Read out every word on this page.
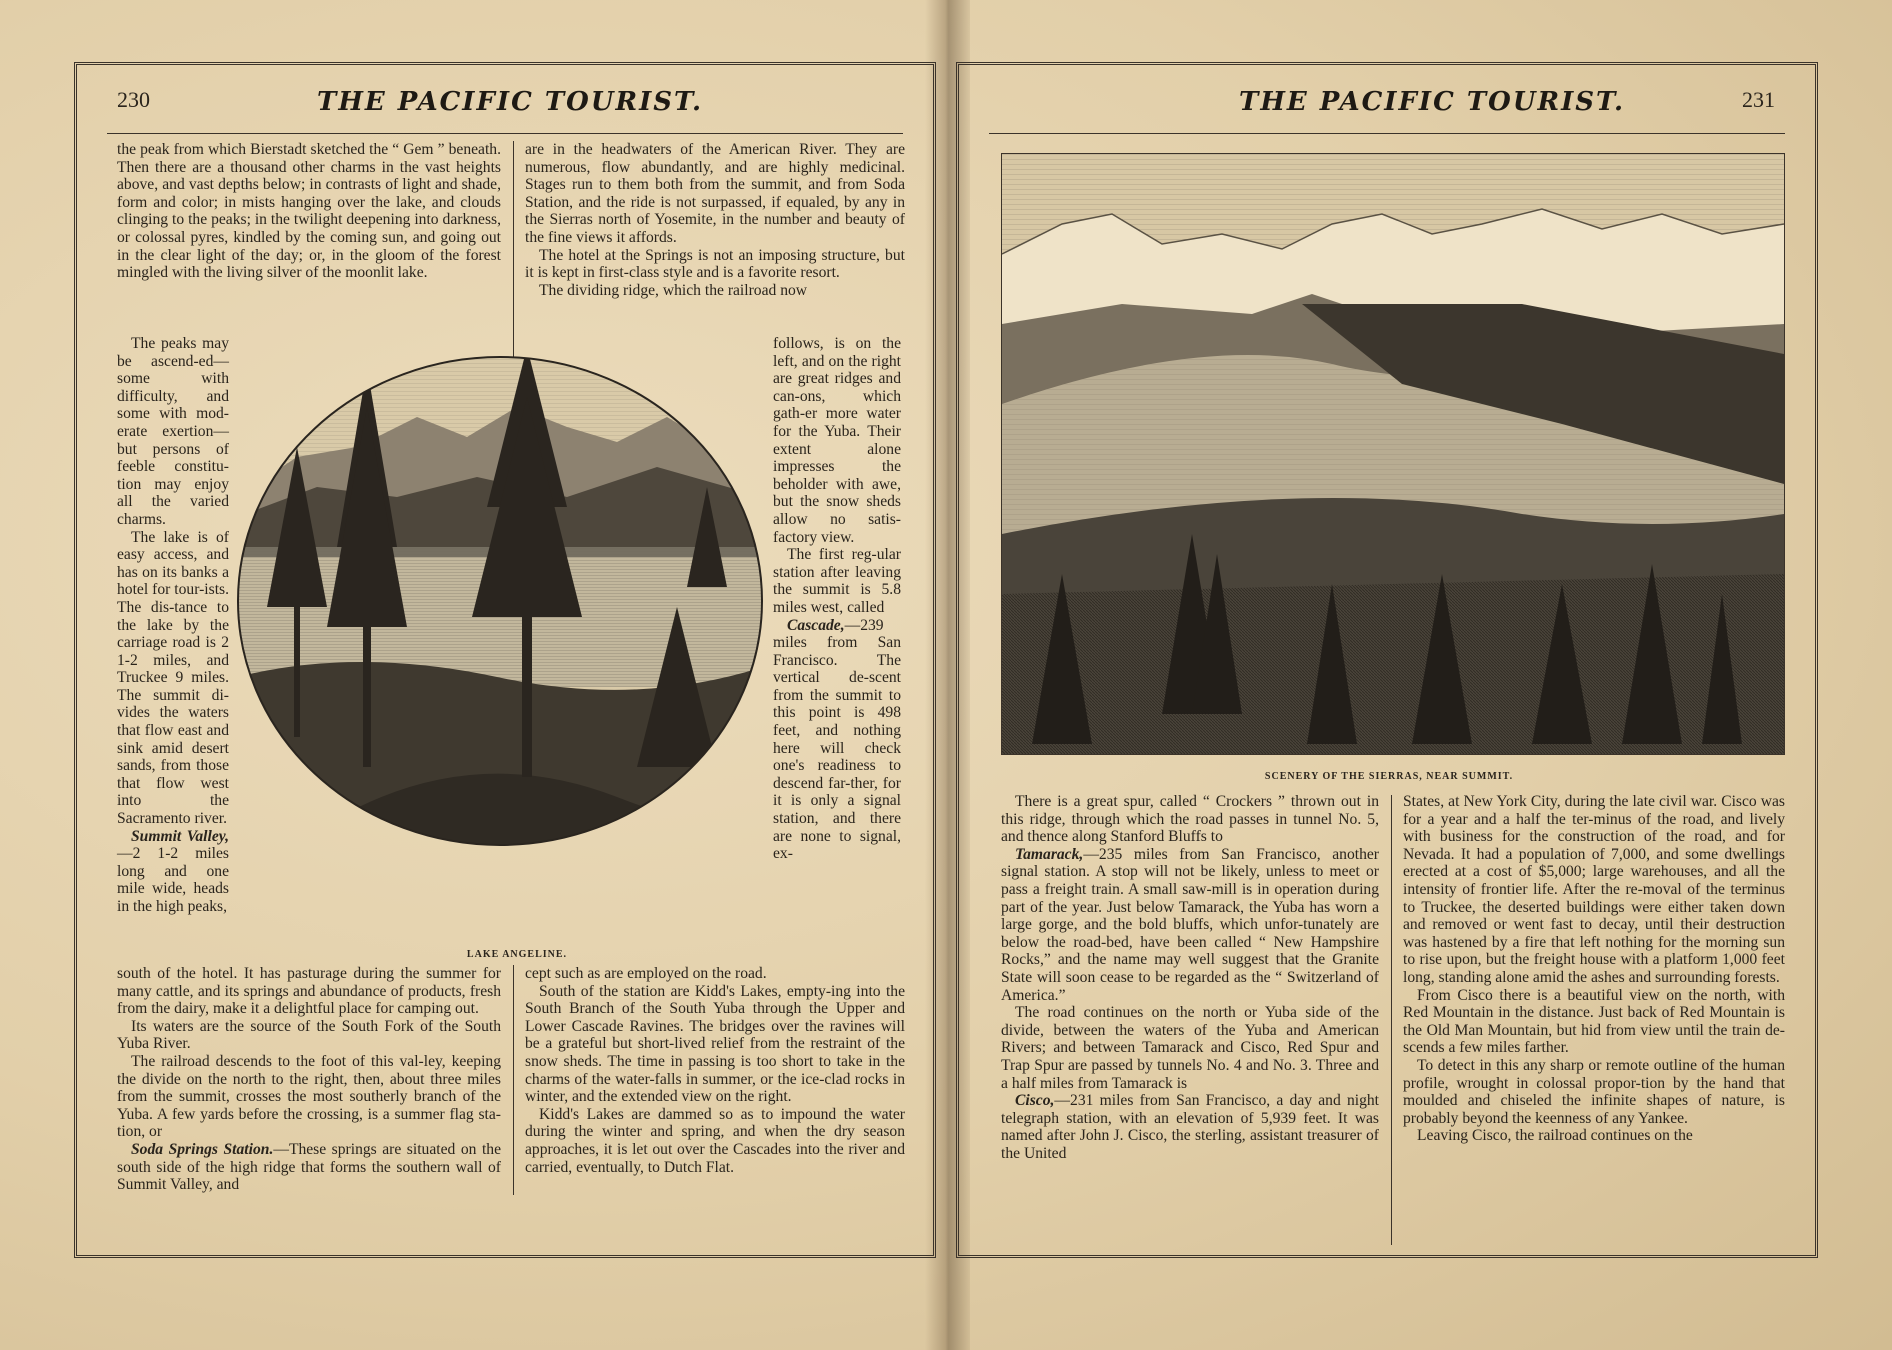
230	THE PACIFIC TOURIST.

the peak from which Bierstadt sketched the “ Gem ” beneath. Then there are a thousand other charms in the vast heights above, and vast depths below; in contrasts of light and shade, form and color; in mists hanging over the lake, and clouds clinging to the peaks; in the twilight deepening into darkness, or colossal pyres, kindled by the coming sun, and going out in the clear light of the day; or, in the gloom of the forest mingled with the living silver of the moonlit lake.

are in the headwaters of the American River. They are numerous, flow abundantly, and are highly medicinal. Stages run to them both from the summit, and from Soda Station, and the ride is not surpassed, if equaled, by any in the Sierras north of Yosemite, in the number and beauty of the fine views it affords.

The hotel at the Springs is not an imposing structure, but it is kept in first-class style and is a favorite resort.

The dividing ridge, which the railroad now

The peaks may be ascend-ed—some with difficulty, and some with mod-erate exertion—but persons of feeble constitu-tion may enjoy all the varied charms.

The lake is of easy access, and has on its banks a hotel for tour-ists. The dis-tance to the lake by the carriage road is 2 1-2 miles, and Truckee 9 miles. The summit di-vides the waters that flow east and sink amid desert sands, from those that flow west into the Sacramento river.

Summit Valley,—2 1-2 miles long and one mile wide, heads in the high peaks,

follows, is on the left, and on the right are great ridges and can-ons, which gath-er more water for the Yuba. Their extent alone impresses the beholder with awe, but the snow sheds allow no satis-factory view.

The first reg-ular station after leaving the summit is 5.8 miles west, called

Cascade,—239 miles from San Francisco. The vertical de-scent from the summit to this point is 498 feet, and nothing here will check one's readiness to descend far-ther, for it is only a signal station, and there are none to signal, ex-

LAKE ANGELINE.

south of the hotel. It has pasturage during the summer for many cattle, and its springs and abundance of products, fresh from the dairy, make it a delightful place for camping out.

Its waters are the source of the South Fork of the South Yuba River.

The railroad descends to the foot of this val-ley, keeping the divide on the north to the right, then, about three miles from the summit, crosses the most southerly branch of the Yuba. A few yards before the crossing, is a summer flag sta-tion, or

Soda Springs Station.—These springs are situated on the south side of the high ridge that forms the southern wall of Summit Valley, and

cept such as are employed on the road.

South of the station are Kidd's Lakes, empty-ing into the South Branch of the South Yuba through the Upper and Lower Cascade Ravines. The bridges over the ravines will be a grateful but short-lived relief from the restraint of the snow sheds. The time in passing is too short to take in the charms of the water-falls in summer, or the ice-clad rocks in winter, and the extended view on the right.

Kidd's Lakes are dammed so as to impound the water during the winter and spring, and when the dry season approaches, it is let out over the Cascades into the river and carried, eventually, to Dutch Flat.

THE PACIFIC TOURIST.	231
SCENERY OF THE SIERRAS, NEAR SUMMIT.

There is a great spur, called “ Crockers ” thrown out in this ridge, through which the road passes in tunnel No. 5, and thence along Stanford Bluffs to

Tamarack,—235 miles from San Francisco, another signal station. A stop will not be likely, unless to meet or pass a freight train. A small saw-mill is in operation during part of the year. Just below Tamarack, the Yuba has worn a large gorge, and the bold bluffs, which unfor-tunately are below the road-bed, have been called “ New Hampshire Rocks,” and the name may well suggest that the Granite State will soon cease to be regarded as the “ Switzerland of America.”

The road continues on the north or Yuba side of the divide, between the waters of the Yuba and American Rivers; and between Tamarack and Cisco, Red Spur and Trap Spur are passed by tunnels No. 4 and No. 3. Three and a half miles from Tamarack is

Cisco,—231 miles from San Francisco, a day and night telegraph station, with an elevation of 5,939 feet. It was named after John J. Cisco, the sterling, assistant treasurer of the United

States, at New York City, during the late civil war. Cisco was for a year and a half the ter-minus of the road, and lively with business for the construction of the road, and for Nevada. It had a population of 7,000, and some dwellings erected at a cost of $5,000; large warehouses, and all the intensity of frontier life. After the re-moval of the terminus to Truckee, the deserted buildings were either taken down and removed or went fast to decay, until their destruction was hastened by a fire that left nothing for the morning sun to rise upon, but the freight house with a platform 1,000 feet long, standing alone amid the ashes and surrounding forests.

From Cisco there is a beautiful view on the north, with Red Mountain in the distance. Just back of Red Mountain is the Old Man Mountain, but hid from view until the train de-scends a few miles farther.

To detect in this any sharp or remote outline of the human profile, wrought in colossal propor-tion by the hand that moulded and chiseled the infinite shapes of nature, is probably beyond the keenness of any Yankee.

Leaving Cisco, the railroad continues on the
